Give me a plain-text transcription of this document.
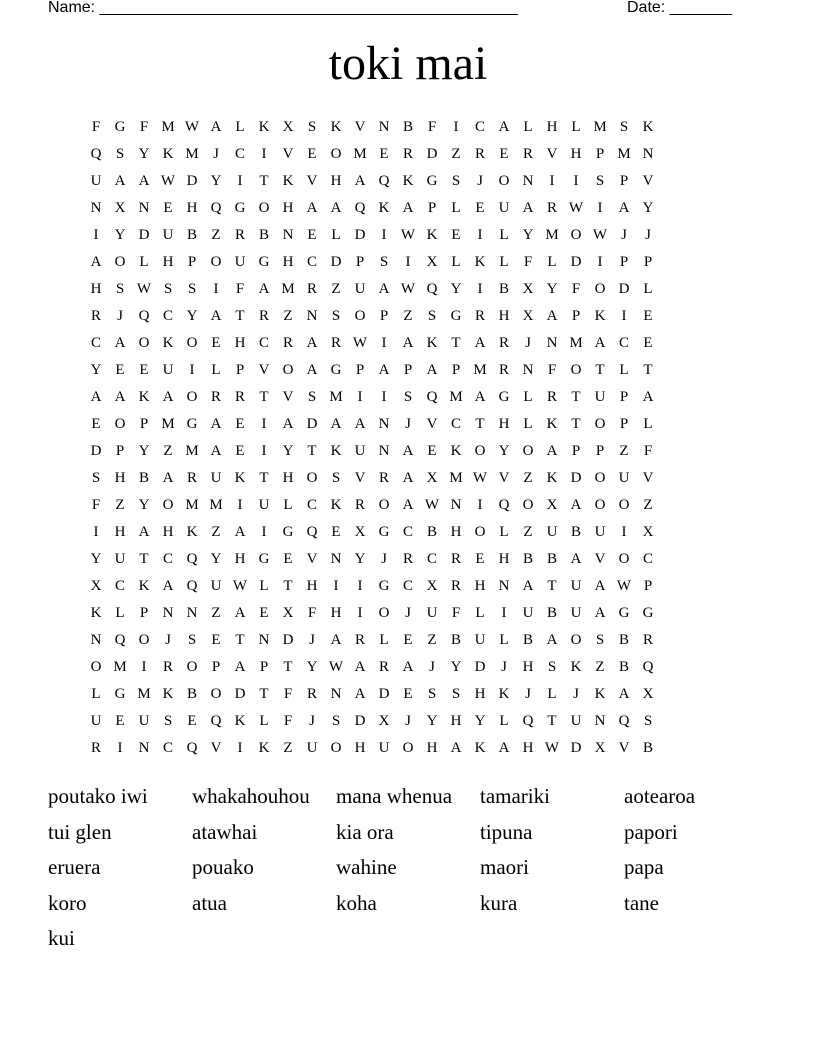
Name: _______________________________________________	Date: _______
toki mai
F G F M W A L K X S K V N B F	I	C A L H L M S K
Q S Y K M J	C	I	V E O M E R D Z R E R V H P M N
U A A W D Y	I	T K V H A Q K G S	J	O N	I	I	S	P V
N X N E H Q G O H A A Q K A P	L E U A R W I	A Y
I	Y D U B Z R B N E L D	I W K E	I	L Y M O W J	J
A O L H P O U G H C D P	S	I	X L K L	F	L D	I	P	P
H S W S	S	I	F A M R Z U A W Q Y	I	B X Y F O D L
R	J	Q C Y A T R Z N S O P	Z	S G R H X A P K	I	E
C A O K O E H C R A R W I	A K T A R	J	N M A C E
Y E E U	I	L	P V O A G P A P A P M R N F O T L T
A A K A O R R T V S M I	I	S Q M A G L R T U P A
E O P M G A E	I	A D A A N	J	V C T H L K T O P	L
D P Y Z M A E	I	Y T K U N A E K O Y O A P	P	Z	F
S H B A R U K T H O S V R A X M W V Z K D O U V
F	Z Y O M M I	U L C K R O A W N	I	Q O X A O O Z
I	H A H K Z A	I	G Q E X G C B H O L Z U B U	I	X
Y U T C Q Y H G E V N Y	J	R C R E H B B A V O C
X C K A Q U W L T H	I	I	G C X R H N A T U A W P
K L	P N N Z A E X F H	I	O	J	U F	L	I	U B U A G G
N Q O	J	S	E T N D	J	A R L E Z B U L B A O S B R
O M I	R O P A P	T Y W A R A	J	Y D	J	H S K Z B Q
L G M K B O D T	F R N A D E	S	S H K	J	L	J	K A X
U E U S	E Q K L	F	J	S D X	J	Y H Y L Q T U N Q S
R	I	N C Q V	I	K Z U O H U O H A K A H W D X V B
poutako iwi	whakahouhou	mana whenua	tamariki	aotearoa
tui glen	atawhai	kia ora	tipuna	papori
eruera	pouako	wahine	maori	papa
koro	atua	koha	kura	tane
kui
